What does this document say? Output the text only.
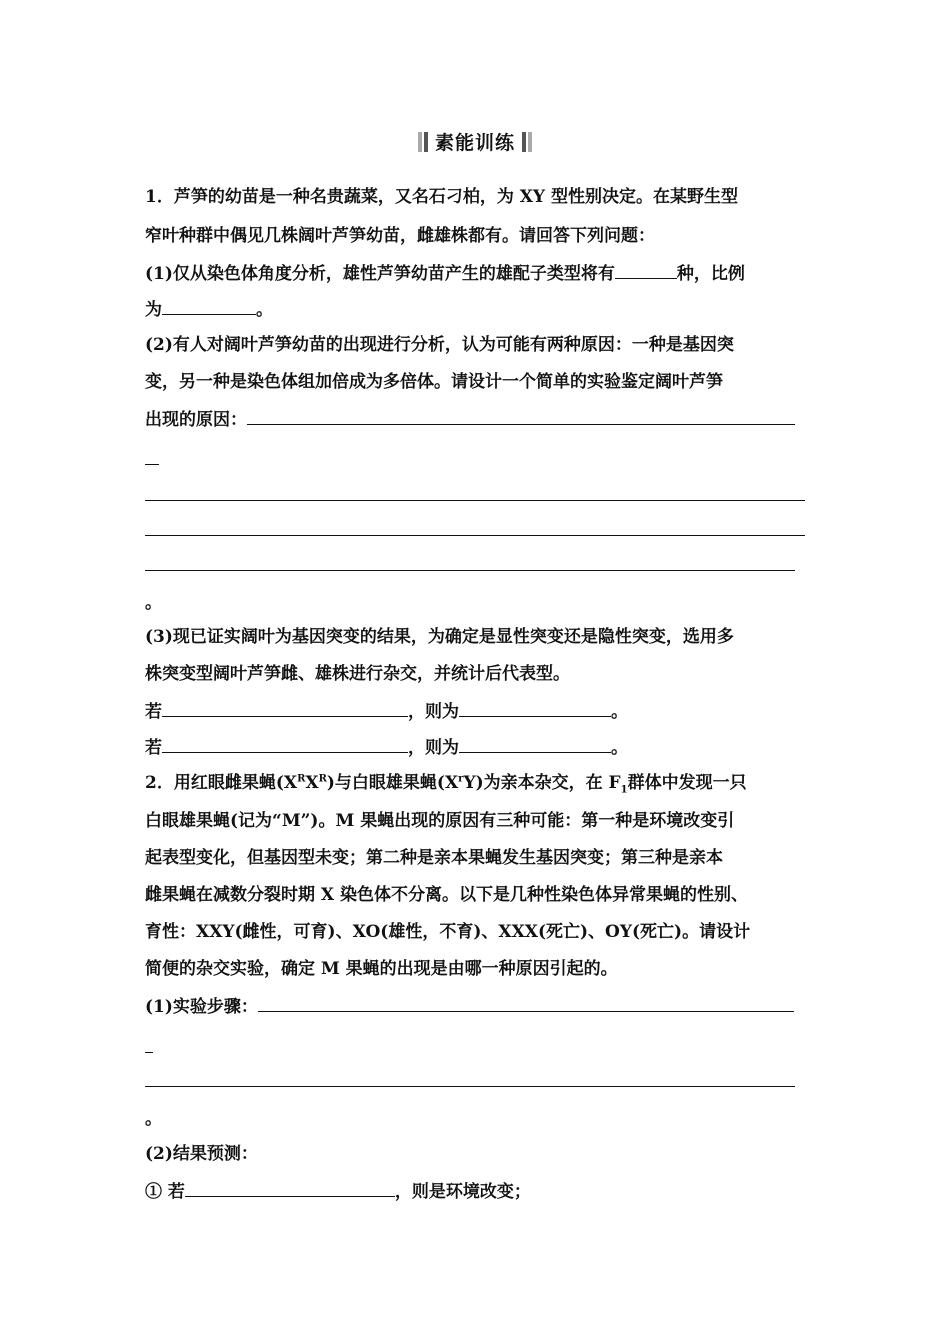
素能训练
1．芦笋的幼苗是一种名贵蔬菜，又名石刁柏，为 XY 型性别决定。在某野生型
窄叶种群中偶见几株阔叶芦笋幼苗，雌雄株都有。请回答下列问题：
(1)仅从染色体角度分析，雄性芦笋幼苗产生的雄配子类型将有	种，比例
为	。
(2)有人对阔叶芦笋幼苗的出现进行分析，认为可能有两种原因：一种是基因突
变，另一种是染色体组加倍成为多倍体。请设计一个简单的实验鉴定阔叶芦笋
出现的原因：
。
(3)现已证实阔叶为基因突变的结果，为确定是显性突变还是隐性突变，选用多
株突变型阔叶芦笋雌、雄株进行杂交，并统计后代表型。
若	，则为	。
若	，则为	。
2．用红眼雌果蝇$(X^RX^R)$与白眼雄果蝇$(X^rY)$为亲本杂交，在 $F_1$群体中发现一只
白眼雄果蝇(记为“M”)。M 果蝇出现的原因有三种可能：第一种是环境改变引
起表型变化，但基因型未变；第二种是亲本果蝇发生基因突变；第三种是亲本
雌果蝇在减数分裂时期 X 染色体不分离。以下是几种性染色体异常果蝇的性别、
育性：XXY(雌性，可育)、XO(雄性，不育)、XXX(死亡)、OY(死亡)。请设计
简便的杂交实验，确定 M 果蝇的出现是由哪一种原因引起的。
(1)实验步骤：
。
(2)结果预测：
① 若	，则是环境改变；
